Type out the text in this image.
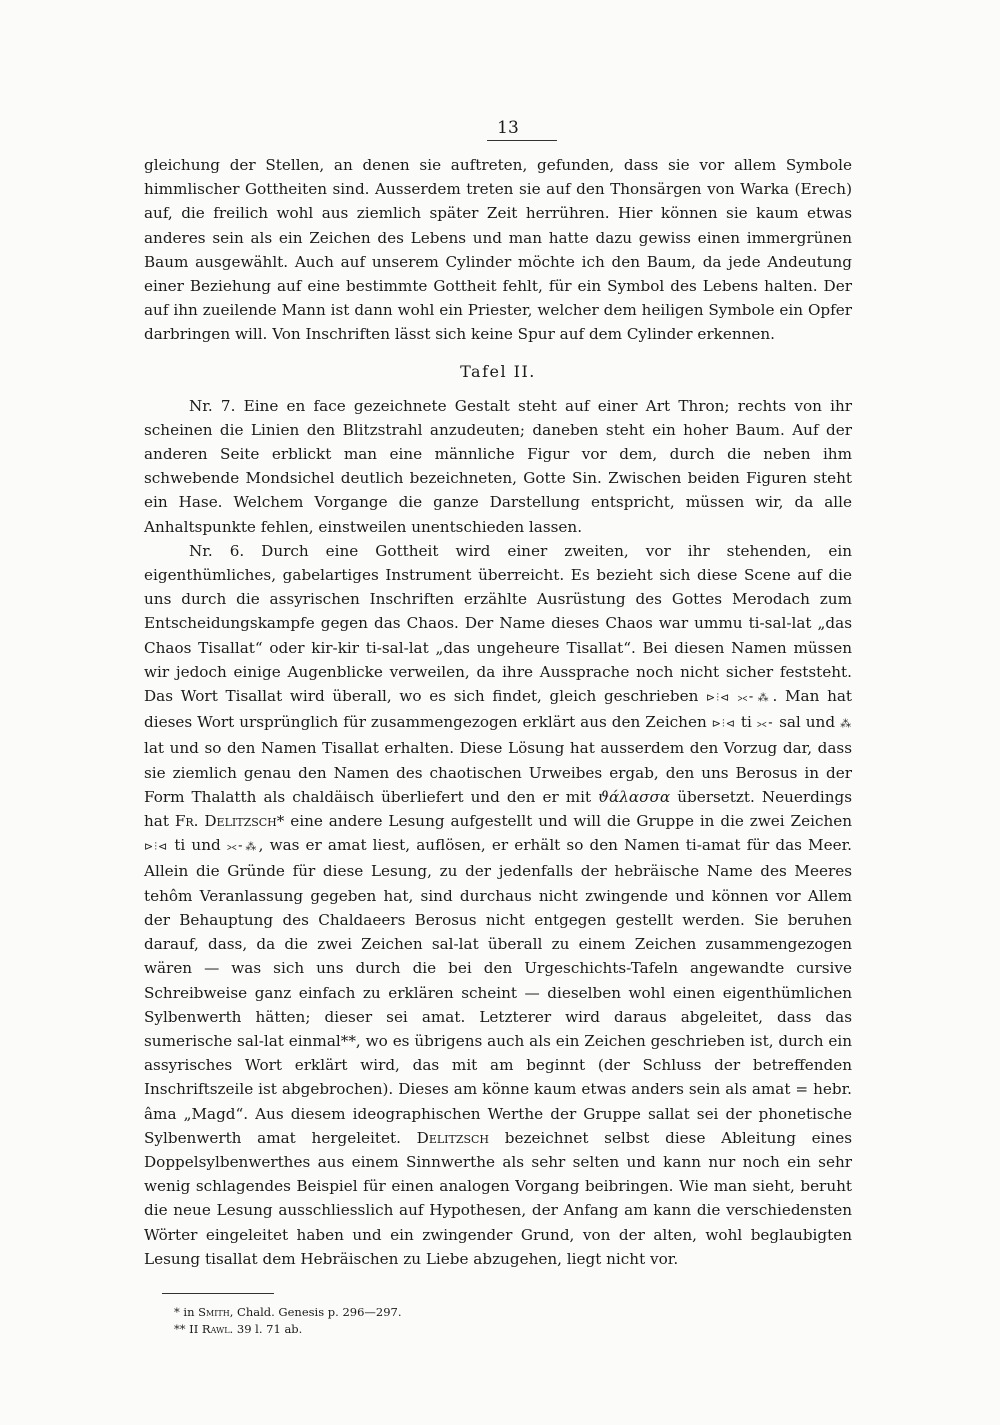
13

gleichung der Stellen, an denen sie auftreten, gefunden, dass sie vor allem Symbole himmlischer Gottheiten sind. Ausserdem treten sie auf den Thonsärgen von Warka (Erech) auf, die freilich wohl aus ziemlich später Zeit herrühren. Hier können sie kaum etwas anderes sein als ein Zeichen des Lebens und man hatte dazu gewiss einen immergrünen Baum ausgewählt. Auch auf unserem Cylinder möchte ich den Baum, da jede Andeutung einer Beziehung auf eine bestimmte Gottheit fehlt, für ein Symbol des Lebens halten. Der auf ihn zueilende Mann ist dann wohl ein Priester, welcher dem heiligen Symbole ein Opfer darbringen will. Von Inschriften lässt sich keine Spur auf dem Cylinder erkennen.

Tafel II.

Nr. 7. Eine en face gezeichnete Gestalt steht auf einer Art Thron; rechts von ihr scheinen die Linien den Blitzstrahl anzudeuten; daneben steht ein hoher Baum. Auf der anderen Seite erblickt man eine männliche Figur vor dem, durch die neben ihm schwebende Mondsichel deutlich bezeichneten, Gotte Sin. Zwischen beiden Figuren steht ein Hase. Welchem Vorgange die ganze Darstellung entspricht, müssen wir, da alle Anhaltspunkte fehlen, einstweilen unentschieden lassen.

Nr. 6. Durch eine Gottheit wird einer zweiten, vor ihr stehenden, ein eigenthümliches, gabelartiges Instrument überreicht. Es bezieht sich diese Scene auf die uns durch die assyrischen Inschriften erzählte Ausrüstung des Gottes Merodach zum Entscheidungskampfe gegen das Chaos. Der Name dieses Chaos war ummu ti-sal-lat „das Chaos Tisallat“ oder kir-kir ti-sal-lat „das ungeheure Tisallat“. Bei diesen Namen müssen wir jedoch einige Augenblicke verweilen, da ihre Aussprache noch nicht sicher feststeht. Das Wort Tisallat wird überall, wo es sich findet, gleich geschrieben ⊳⫶⊲ ⪥⁃⁂. Man hat dieses Wort ursprünglich für zusammengezogen erklärt aus den Zeichen ⊳⫶⊲ ti ⪥⁃ sal und ⁂ lat und so den Namen Tisallat erhalten. Diese Lösung hat ausserdem den Vorzug dar, dass sie ziemlich genau den Namen des chaotischen Urweibes ergab, den uns Berosus in der Form Thalatth als chaldäisch überliefert und den er mit ϑάλασσα übersetzt. Neuerdings hat Fr. Delitzsch* eine andere Lesung aufgestellt und will die Gruppe in die zwei Zeichen ⊳⫶⊲ ti und ⪥⁃⁂, was er amat liest, auflösen, er erhält so den Namen ti-amat für das Meer. Allein die Gründe für diese Lesung, zu der jedenfalls der hebräische Name des Meeres tehôm Veranlassung gegeben hat, sind durchaus nicht zwingende und können vor Allem der Behauptung des Chaldaeers Berosus nicht entgegen gestellt werden. Sie beruhen darauf, dass, da die zwei Zeichen sal-lat überall zu einem Zeichen zusammengezogen wären — was sich uns durch die bei den Urgeschichts-Tafeln angewandte cursive Schreibweise ganz einfach zu erklären scheint — dieselben wohl einen eigenthümlichen Sylbenwerth hätten; dieser sei amat. Letzterer wird daraus abgeleitet, dass das sumerische sal-lat einmal**, wo es übrigens auch als ein Zeichen geschrieben ist, durch ein assyrisches Wort erklärt wird, das mit am beginnt (der Schluss der betreffenden Inschriftszeile ist abgebrochen). Dieses am könne kaum etwas anders sein als amat = hebr. âma „Magd“. Aus diesem ideographischen Werthe der Gruppe sallat sei der phonetische Sylbenwerth amat hergeleitet. Delitzsch bezeichnet selbst diese Ableitung eines Doppelsylbenwerthes aus einem Sinnwerthe als sehr selten und kann nur noch ein sehr wenig schlagendes Beispiel für einen analogen Vorgang beibringen. Wie man sieht, beruht die neue Lesung ausschliesslich auf Hypothesen, der Anfang am kann die verschiedensten Wörter eingeleitet haben und ein zwingender Grund, von der alten, wohl beglaubigten Lesung tisallat dem Hebräischen zu Liebe abzugehen, liegt nicht vor.

* in Smith, Chald. Genesis p. 296—297.

** II Rawl. 39 l. 71 ab.
